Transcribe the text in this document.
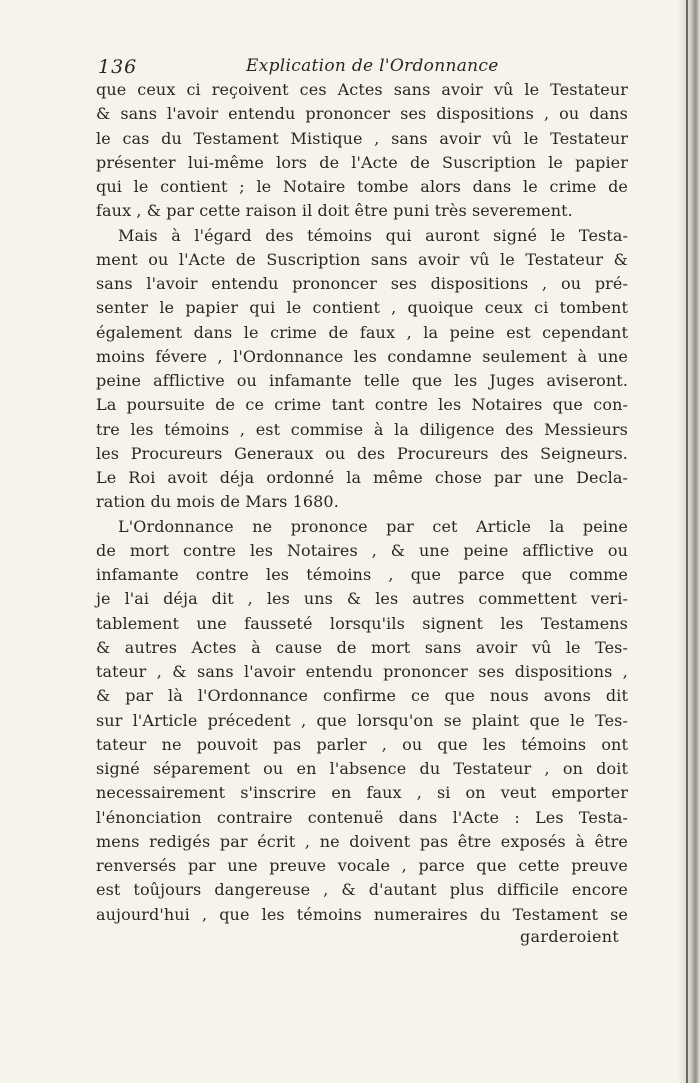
136	Explication de l'Ordonnance
que ceux ci reçoivent ces Actes sans avoir vû le Testateur
& sans l'avoir entendu prononcer ses dispositions , ou dans
le cas du Testament Mistique , sans avoir vû le Testateur
présenter lui-même lors de l'Acte de Suscription le papier
qui le contient ; le Notaire tombe alors dans le crime de
faux , & par cette raison il doit être puni très severement.
Mais à l'égard des témoins qui auront signé le Testa-
ment ou l'Acte de Suscription sans avoir vû le Testateur &
sans l'avoir entendu prononcer ses dispositions , ou pré-
senter le papier qui le contient , quoique ceux ci tombent
également dans le crime de faux , la peine est cependant
moins févere , l'Ordonnance les condamne seulement à une
peine afflictive ou infamante telle que les Juges aviseront.
La poursuite de ce crime tant contre les Notaires que con-
tre les témoins , est commise à la diligence des Messieurs
les Procureurs Generaux ou des Procureurs des Seigneurs.
Le Roi avoit déja ordonné la même chose par une Decla-
ration du mois de Mars 1680.
L'Ordonnance ne prononce par cet Article la peine
de mort contre les Notaires , & une peine afflictive ou
infamante contre les témoins , que parce que comme
je l'ai déja dit , les uns & les autres commettent veri-
tablement une fausseté lorsqu'ils signent les Testamens
& autres Actes à cause de mort sans avoir vû le Tes-
tateur , & sans l'avoir entendu prononcer ses dispositions ,
& par là l'Ordonnance confirme ce que nous avons dit
sur l'Article précedent , que lorsqu'on se plaint que le Tes-
tateur ne pouvoit pas parler , ou que les témoins ont
signé séparement ou en l'absence du Testateur , on doit
necessairement s'inscrire en faux , si on veut emporter
l'énonciation contraire contenuë dans l'Acte : Les Testa-
mens redigés par écrit , ne doivent pas être exposés à être
renversés par une preuve vocale , parce que cette preuve
est toûjours dangereuse , & d'autant plus difficile encore
aujourd'hui , que les témoins numeraires du Testament se
garderoient
